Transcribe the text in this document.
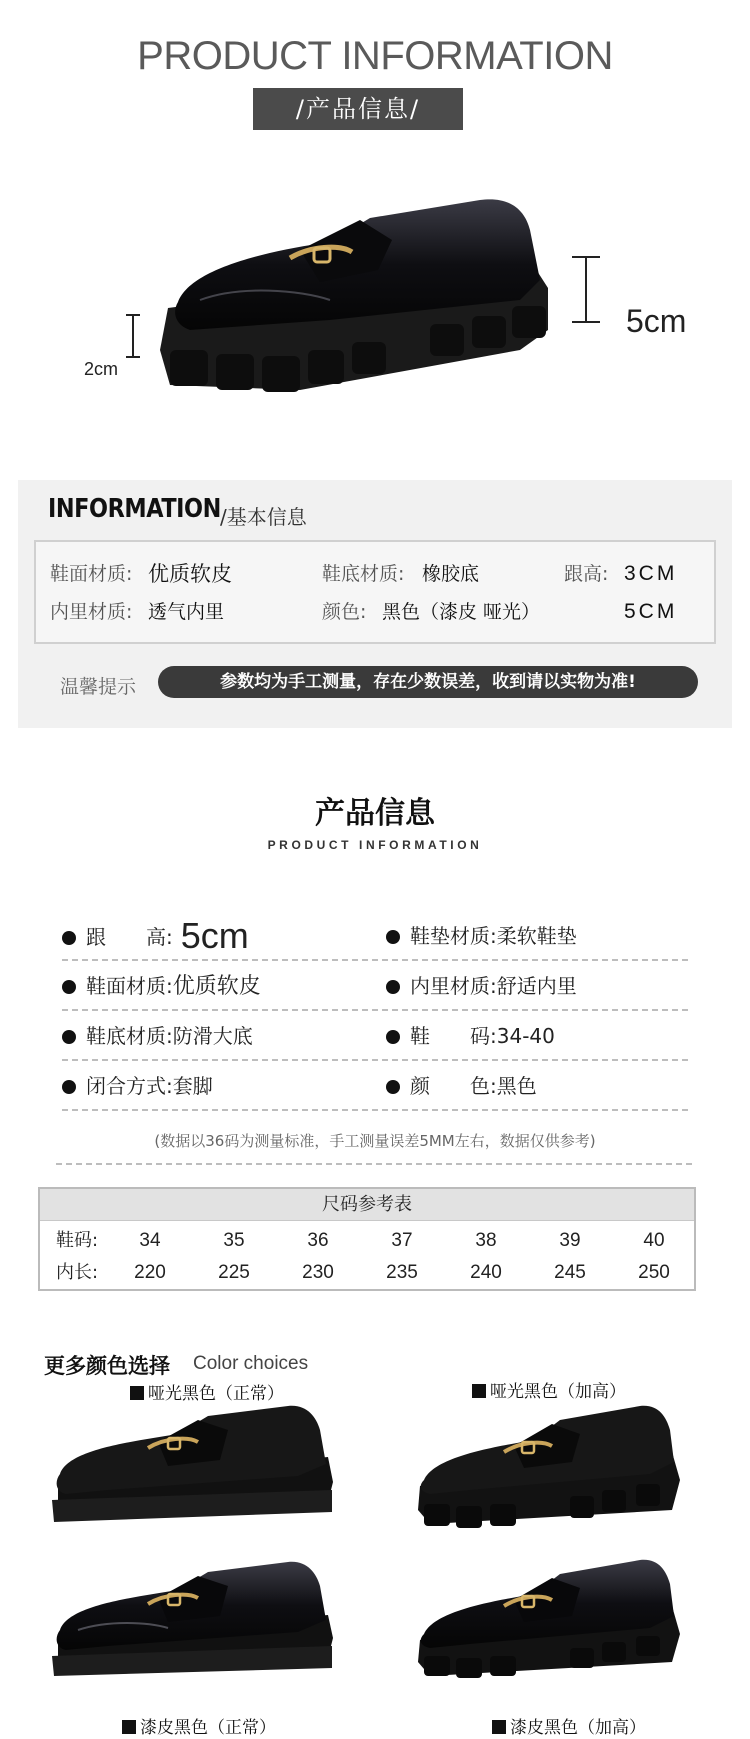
PRODUCT INFORMATION
/产品信息/
2cm
5cm
INFORMATION /基本信息
鞋面材质: 优质软皮	鞋底材质: 橡胶底	跟高: 3CM
内里材质: 透气内里	颜色: 黑色（漆皮 哑光）	5CM
温馨提示	参数均为手工测量，存在少数误差，收到请以实物为准!
产品信息
PRODUCT INFORMATION
跟　　高: 5cm	鞋垫材质:柔软鞋垫
鞋面材质:优质软皮	内里材质:舒适内里
鞋底材质:防滑大底	鞋　　码:34-40
闭合方式:套脚	颜　　色:黑色
(数据以36码为测量标准，手工测量误差5MM左右，数据仅供参考)
尺码参考表
鞋码:	34	35	36	37	38	39	40
内长:	220	225	230	235	240	245	250
更多颜色选择 Color choices
哑光黑色（正常）	哑光黑色（加高）
漆皮黑色（正常）	漆皮黑色（加高）
